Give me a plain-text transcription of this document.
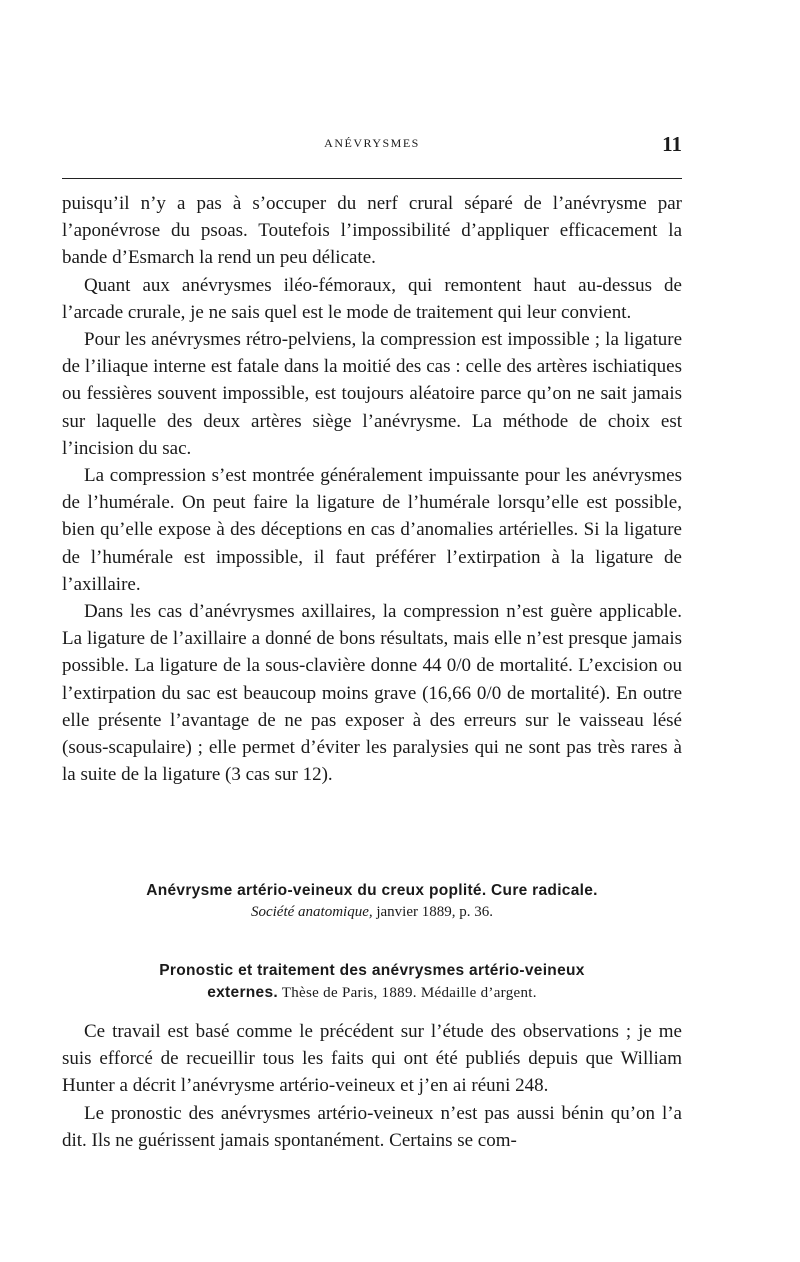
ANÉVRYSMES	11

puisqu’il n’y a pas à s’occuper du nerf crural séparé de l’anévrysme par l’aponévrose du psoas. Toutefois l’impossibilité d’appliquer efficacement la bande d’Esmarch la rend un peu délicate.

Quant aux anévrysmes iléo-fémoraux, qui remontent haut au-dessus de l’arcade crurale, je ne sais quel est le mode de traitement qui leur convient.

Pour les anévrysmes rétro-pelviens, la compression est impossible ; la ligature de l’iliaque interne est fatale dans la moitié des cas : celle des artères ischiatiques ou fessières souvent impossible, est toujours aléatoire parce qu’on ne sait jamais sur laquelle des deux artères siège l’anévrysme. La méthode de choix est l’incision du sac.

La compression s’est montrée généralement impuissante pour les anévrysmes de l’humérale. On peut faire la ligature de l’humérale lorsqu’elle est possible, bien qu’elle expose à des déceptions en cas d’anomalies artérielles. Si la ligature de l’humérale est impossible, il faut préférer l’extirpation à la ligature de l’axillaire.

Dans les cas d’anévrysmes axillaires, la compression n’est guère applicable. La ligature de l’axillaire a donné de bons résultats, mais elle n’est presque jamais possible. La ligature de la sous-clavière donne 44 0/0 de mortalité. L’excision ou l’extirpation du sac est beaucoup moins grave (16,66 0/0 de mortalité). En outre elle présente l’avantage de ne pas exposer à des erreurs sur le vaisseau lésé (sous-scapulaire) ; elle permet d’éviter les paralysies qui ne sont pas très rares à la suite de la ligature (3 cas sur 12).

Anévrysme artério-veineux du creux poplité. Cure radicale.
Société anatomique, janvier 1889, p. 36.
Pronostic et traitement des anévrysmes artério-veineux
externes. Thèse de Paris, 1889. Médaille d’argent.

Ce travail est basé comme le précédent sur l’étude des observations ; je me suis efforcé de recueillir tous les faits qui ont été publiés depuis que William Hunter a décrit l’anévrysme artério-veineux et j’en ai réuni 248.

Le pronostic des anévrysmes artério-veineux n’est pas aussi bénin qu’on l’a dit. Ils ne guérissent jamais spontanément. Certains se com-
